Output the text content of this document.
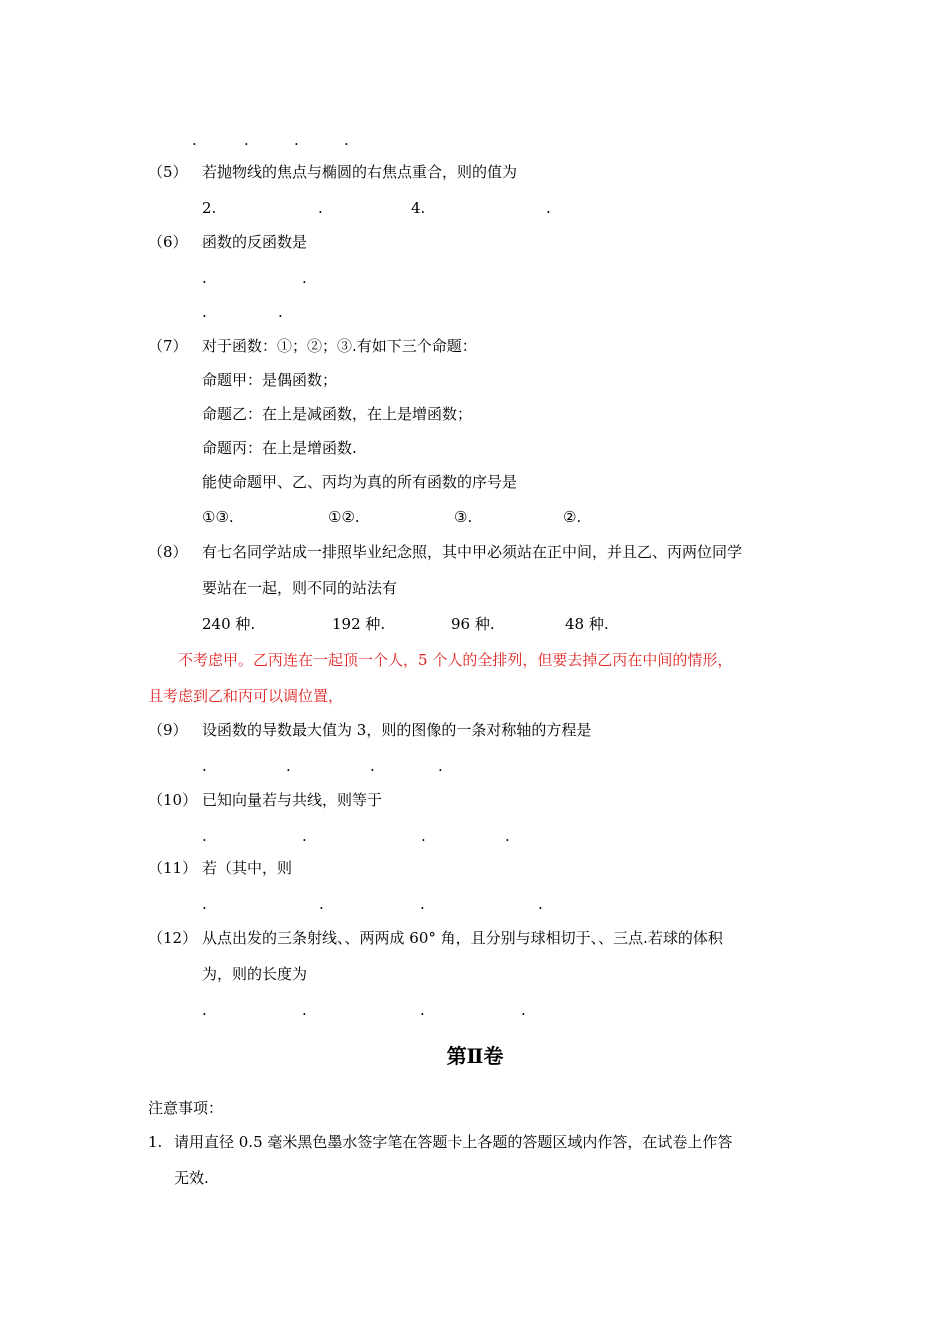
.	.	.	.
（5） 若抛物线的焦点与椭圆的右焦点重合，则的值为
2.	.	4.	.
（6） 函数的反函数是
.	.
.	.
（7） 对于函数：①；②；③.有如下三个命题：
命题甲：是偶函数；
命题乙：在上是减函数，在上是增函数；
命题丙：在上是增函数.
能使命题甲、乙、丙均为真的所有函数的序号是
①③.	①②.	③.	②.
（8） 有七名同学站成一排照毕业纪念照，其中甲必须站在正中间，并且乙、丙两位同学
要站在一起，则不同的站法有
240 种.	192 种.	96 种.	48 种.
不考虑甲。乙丙连在一起顶一个人，5 个人的全排列，但要去掉乙丙在中间的情形，
且考虑到乙和丙可以调位置，
（9） 设函数的导数最大值为 3，则的图像的一条对称轴的方程是
.	.	.	.
（10） 已知向量若与共线，则等于
.	.	.	.
（11） 若（其中，则
.	.	.	.
（12） 从点出发的三条射线、、两两成 60° 角，且分别与球相切于、、三点.若球的体积
为，则的长度为
.	.	.	.
第Ⅱ卷
注意事项：
1. 请用直径 0.5 毫米黑色墨水签字笔在答题卡上各题的答题区域内作答，在试卷上作答
无效.
